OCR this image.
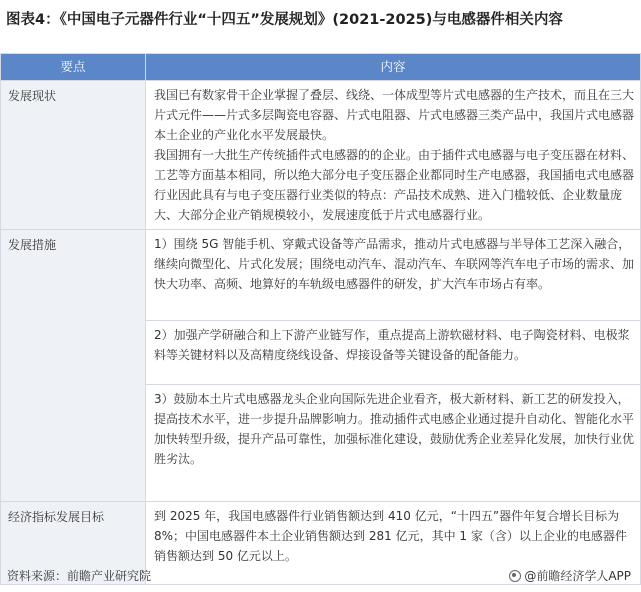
图表4：《中国电子元器件行业“十四五”发展规划》(2021-2025)与电感器件相关内容
要点	内容
发展现状	我国已有数家骨干企业掌握了叠层、线绕、一体成型等片式电感器的生产技术，而且在三大片式元件——片式多层陶瓷电容器、片式电阻器、片式电感器三类产品中，我国片式电感器本土企业的产业化水平发展最快。
我国拥有一大批生产传统插件式电感器的的企业。由于插件式电感器与电子变压器在材料、工艺等方面基本相同，所以绝大部分电子变压器企业都同时生产电感器，我国插电式电感器行业因此具有与电子变压器行业类似的特点：产品技术成熟、进入门槛较低、企业数量庞大、大部分企业产销规模较小，发展速度低于片式电感器行业。

发展措施	1）围绕 5G 智能手机、穿戴式设备等产品需求，推动片式电感器与半导体工艺深入融合，继续向微型化、片式化发展；围绕电动汽车、混动汽车、车联网等汽车电子市场的需求、加快大功率、高频、地算好的车轨级电感器件的研发，扩大汽车市场占有率。
	2）加强产学研融合和上下游产业链写作，重点提高上游软磁材料、电子陶瓷材料、电极浆料等关键材料以及高精度绕线设备、焊接设备等关键设备的配备能力。
	3）鼓励本土片式电感器龙头企业向国际先进企业看齐，极大新材料、新工艺的研发投入，提高技术水平，进一步提升品牌影响力。推动插件式电感企业通过提升自动化、智能化水平加快转型升级，提升产品可靠性，加强标准化建设，鼓励优秀企业差异化发展，加快行业优胜劣汰。
经济指标发展目标	到 2025 年，我国电感器件行业销售额达到 410 亿元，“十四五”器件年复合增长目标为 8%；中国电感器件本土企业销售额达到 281 亿元，其中 1 家（含）以上企业的电感器件销售额达到 50 亿元以上。
资料来源：前瞻产业研究院	@前瞻经济学人APP
